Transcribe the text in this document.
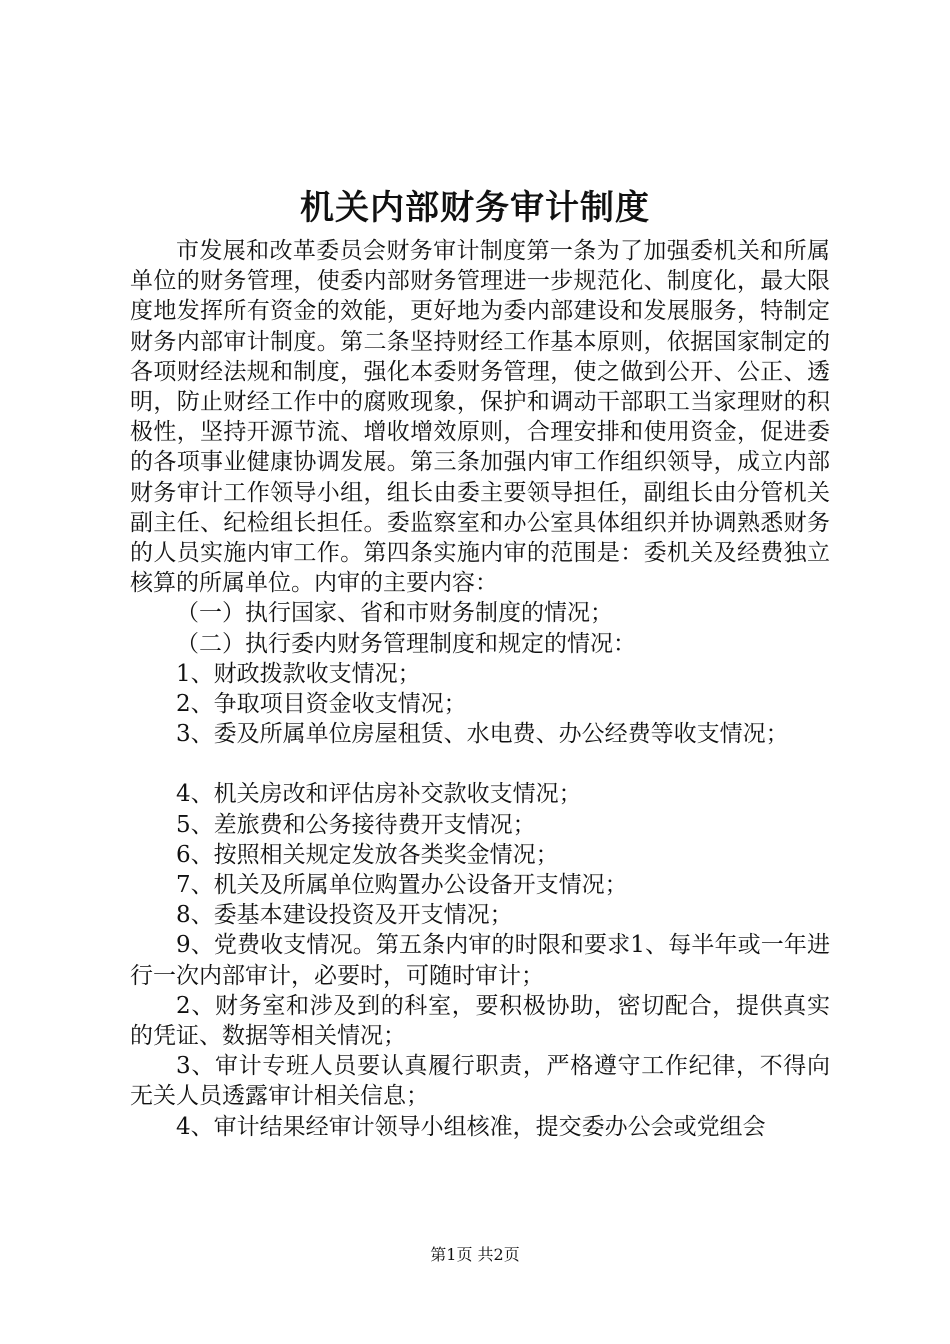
机关内部财务审计制度

市发展和改革委员会财务审计制度第一条为了加强委机关和所属单位的财务管理，使委内部财务管理进一步规范化、制度化，最大限度地发挥所有资金的效能，更好地为委内部建设和发展服务，特制定财务内部审计制度。第二条坚持财经工作基本原则，依据国家制定的各项财经法规和制度，强化本委财务管理，使之做到公开、公正、透明，防止财经工作中的腐败现象，保护和调动干部职工当家理财的积极性，坚持开源节流、增收增效原则，合理安排和使用资金，促进委的各项事业健康协调发展。第三条加强内审工作组织领导，成立内部财务审计工作领导小组，组长由委主要领导担任，副组长由分管机关副主任、纪检组长担任。委监察室和办公室具体组织并协调熟悉财务的人员实施内审工作。第四条实施内审的范围是：委机关及经费独立核算的所属单位。内审的主要内容：

（一）执行国家、省和市财务制度的情况；

（二）执行委内财务管理制度和规定的情况：

1、财政拨款收支情况；

2、争取项目资金收支情况；

3、委及所属单位房屋租赁、水电费、办公经费等收支情况；

4、机关房改和评估房补交款收支情况；

5、差旅费和公务接待费开支情况；

6、按照相关规定发放各类奖金情况；

7、机关及所属单位购置办公设备开支情况；

8、委基本建设投资及开支情况；

9、党费收支情况。第五条内审的时限和要求1、每半年或一年进行一次内部审计，必要时，可随时审计；

2、财务室和涉及到的科室，要积极协助，密切配合，提供真实的凭证、数据等相关情况；

3、审计专班人员要认真履行职责，严格遵守工作纪律，不得向无关人员透露审计相关信息；

4、审计结果经审计领导小组核准，提交委办公会或党组会

第1页 共2页
